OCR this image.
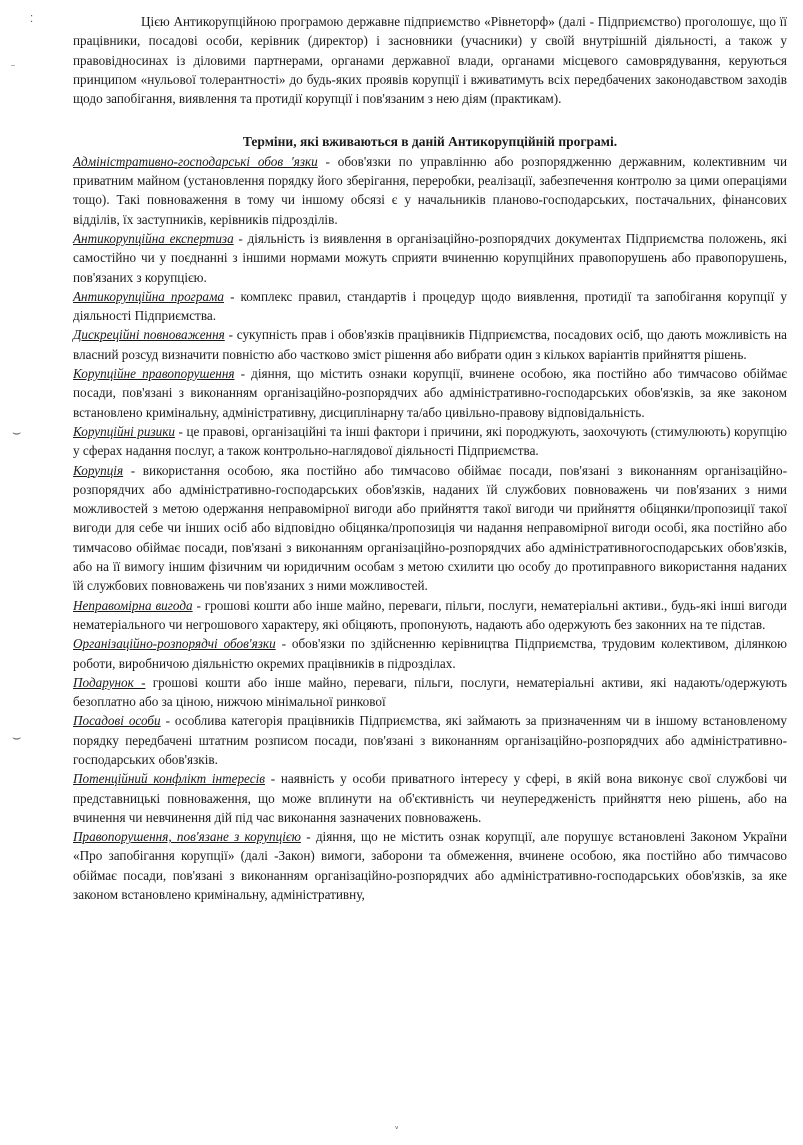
⁚
﹣
⌣
⌣

Цією Антикорупційною програмою державне підприємство «Рівнеторф» (далі - Підприємство) проголошує, що її працівники, посадові особи, керівник (директор) і засновники (учасники) у своїй внутрішній діяльності, а також у правовідносинах із діловими партнерами, органами державної влади, органами місцевого самоврядування, керуються принципом «нульової толерантності» до будь-яких проявів корупції і вживатимуть всіх передбачених законодавством заходів щодо запобігання, виявлення та протидії корупції і пов'язаним з нею діям (практикам).

Терміни, які вживаються в даній Антикорупційній програмі.

Адміністративно-господарські обов 'язки - обов'язки по управлінню або розпорядженню державним, колективним чи приватним майном (установлення порядку його зберігання, переробки, реалізації, забезпечення контролю за цими операціями тощо). Такі повноваження в тому чи іншому обсязі є у начальників планово-господарських, постачальних, фінансових відділів, їх заступників, керівників підрозділів.

Антикорупційна експертиза - діяльність із виявлення в організаційно-розпорядчих документах Підприємства положень, які самостійно чи у поєднанні з іншими нормами можуть сприяти вчиненню корупційних правопорушень або правопорушень, пов'язаних з корупцією.

Антикорупційна програма - комплекс правил, стандартів і процедур щодо виявлення, протидії та запобігання корупції у діяльності Підприємства.

Дискреційні повноваження - сукупність прав і обов'язків працівників Підприємства, посадових осіб, що дають можливість на власний розсуд визначити повністю або частково зміст рішення або вибрати один з кількох варіантів прийняття рішень.

Корупційне правопорушення - діяння, що містить ознаки корупції, вчинене особою, яка постійно або тимчасово обіймає посади, пов'язані з виконанням організаційно-розпорядчих або адміністративно-господарських обов'язків, за яке законом встановлено кримінальну, адміністративну, дисциплінарну та/або цивільно-правову відповідальність.

Корупційні ризики - це правові, організаційні та інші фактори і причини, які породжують, заохочують (стимулюють) корупцію у сферах надання послуг, а також контрольно-наглядової діяльності Підприємства.

Корупція - використання особою, яка постійно або тимчасово обіймає посади, пов'язані з виконанням організаційно-розпорядчих або адміністративно-господарських обов'язків, наданих їй службових повноважень чи пов'язаних з ними можливостей з метою одержання неправомірної вигоди або прийняття такої вигоди чи прийняття обіцянки/пропозиції такої вигоди для себе чи інших осіб або відповідно обіцянка/пропозиція чи надання неправомірної вигоди особі, яка постійно або тимчасово обіймає посади, пов'язані з виконанням організаційно-розпорядчих або адміністративногосподарських обов'язків, або на її вимогу іншим фізичним чи юридичним особам з метою схилити цю особу до протиправного використання наданих їй службових повноважень чи пов'язаних з ними можливостей.

Неправомірна вигода - грошові кошти або інше майно, переваги, пільги, послуги, нематеріальні активи., будь-які інші вигоди нематеріального чи негрошового характеру, які обіцяють, пропонують, надають або одержують без законних на те підстав.

Організаційно-розпорядчі обов'язки - обов'язки по здійсненню керівництва Підприємства, трудовим колективом, ділянкою роботи, виробничою діяльністю окремих працівників в підрозділах.

Подарунок - грошові кошти або інше майно, переваги, пільги, послуги, нематеріальні активи, які надають/одержують безоплатно або за ціною, нижчою мінімальної ринкової

Посадові особи - особлива категорія працівників Підприємства, які займають за призначенням чи в іншому встановленому порядку передбачені штатним розписом посади, пов'язані з виконанням організаційно-розпорядчих або адміністративно-господарських обов'язків.

Потенційний конфлікт інтересів - наявність у особи приватного інтересу у сфері, в якій вона виконує свої службові чи представницькі повноваження, що може вплинути на об'єктивність чи неупередженість прийняття нею рішень, або на вчинення чи невчинення дій під час виконання зазначених повноважень.

Правопорушення, пов'язане з корупцією - діяння, що не містить ознак корупції, але порушує встановлені Законом України «Про запобігання корупції» (далі -Закон) вимоги, заборони та обмеження, вчинене особою, яка постійно або тимчасово обіймає посади, пов'язані з виконанням організаційно-розпорядчих або адміністративно-господарських обов'язків, за яке законом встановлено кримінальну, адміністративну,

ᵥ
